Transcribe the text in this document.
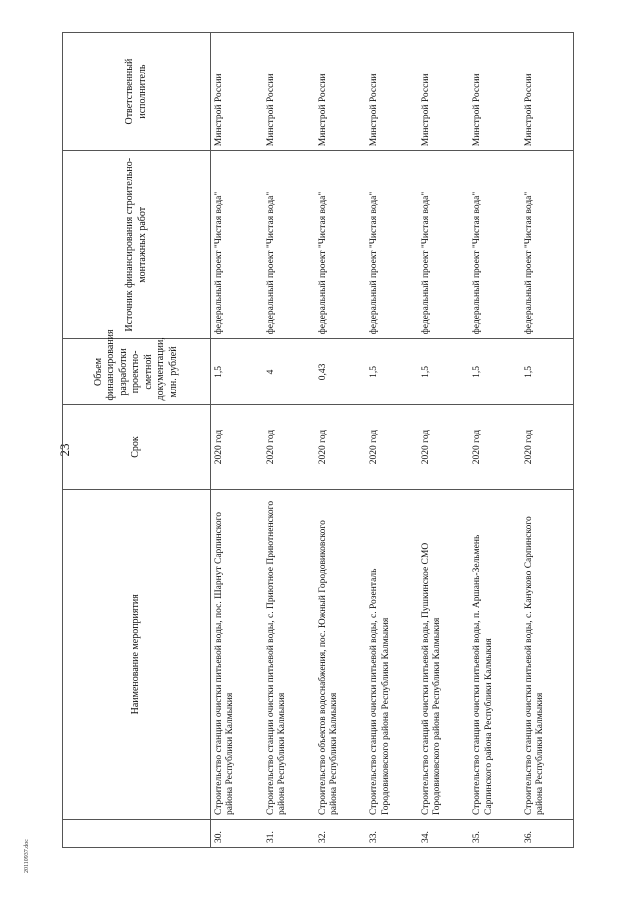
23
20110937.doc
	Наименование мероприятия	Срок	Объем финансирования разработки проектно-сметной документации, млн. рублей	Источник финансирования строительно-монтажных работ	Ответственный исполнитель
30.	Строительство станции очистки питьевой воды, пос. Шарнут Сарпинского района Республики Калмыкия	2020 год	1,5	федеральный проект "Чистая вода"	Минстрой России
31.	Строительство станции очистки питьевой воды, с. Приютное Приютненского района Республики Калмыкия	2020 год	4	федеральный проект "Чистая вода"	Минстрой России
32.	Строительство объектов водоснабжения, пос. Южный Городовиковского района Республики Калмыкия	2020 год	0,43	федеральный проект "Чистая вода"	Минстрой России
33.	Строительство станции очистки питьевой воды, с. Розенталь Городовиковского района Республики Калмыкия	2020 год	1,5	федеральный проект "Чистая вода"	Минстрой России
34.	Строительство станций очистки питьевой воды, Пушкинское СМО Городовиковского района Республики Калмыкия	2020 год	1,5	федеральный проект "Чистая вода"	Минстрой России
35.	Строительство станции очистки питьевой воды, п. Аршань-Зельмень Сарпинского района Республики Калмыкия	2020 год	1,5	федеральный проект "Чистая вода"	Минстрой России
36.	Строительство станции очистки питьевой воды, с. Кануково Сарпинского района Республики Калмыкия	2020 год	1,5	федеральный проект "Чистая вода"	Минстрой России
